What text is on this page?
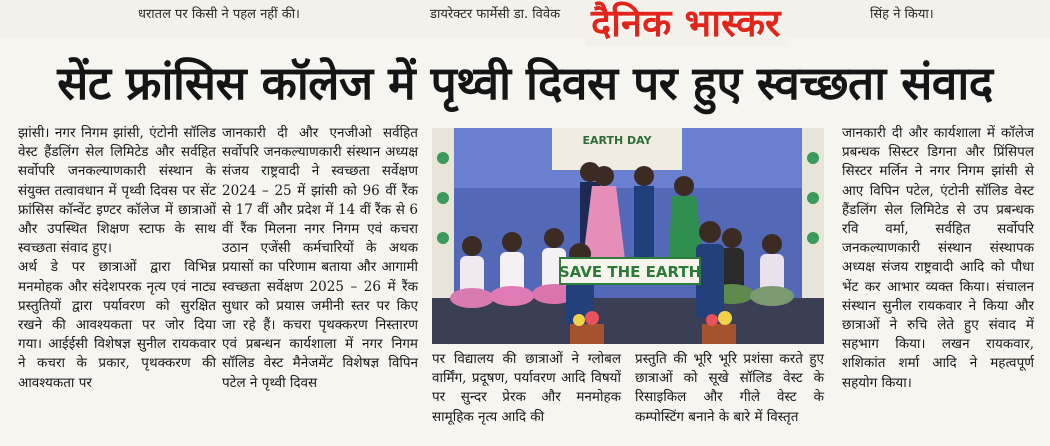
धरातल पर किसी ने पहल नहीं की।	डायरेक्टर फार्मेसी डा. विवेक	सिंह ने किया।
दैनिक भास्कर
सेंट फ्रांसिस कॉलेज में पृथ्वी दिवस पर हुए स्वच्छता संवाद

झांसी। नगर निगम झांसी, एंटोनी सॉलिड वेस्ट हैंडलिंग सेल लिमिटेड और सर्वहित सर्वोपरि जनकल्याणकारी संस्थान के संयुक्त तत्वावधान में पृथ्वी दिवस पर सेंट फ्रांसिस कॉन्वेंट इण्टर कॉलेज में छात्राओं और उपस्थित शिक्षण स्टाफ के साथ स्वच्छता संवाद हुए।

अर्थ डे पर छात्राओं द्वारा विभिन्न मनमोहक और संदेशपरक नृत्य एवं नाट्य प्रस्तुतियों द्वारा पर्यावरण को सुरक्षित रखने की आवश्यकता पर जोर दिया गया। आईईसी विशेषज्ञ सुनील रायकवार ने कचरा के प्रकार, पृथक्करण की आवश्यकता पर

जानकारी दी और एनजीओ सर्वहित सर्वोपरि जनकल्याणकारी संस्थान अध्यक्ष संजय राष्ट्रवादी ने स्वच्छता सर्वेक्षण 2024 – 25 में झांसी को 96 वीं रैंक से 17 वीं और प्रदेश में 14 वीं रैंक से 6 वीं रैंक मिलना नगर निगम एवं कचरा उठान एजेंसी कर्मचारियों के अथक प्रयासों का परिणाम बताया और आगामी स्वच्छता सर्वेक्षण 2025 – 26 में रैंक सुधार को प्रयास जमीनी स्तर पर किए जा रहे हैं। कचरा पृथक्करण निस्तारण एवं प्रबन्धन कार्यशाला में नगर निगम सॉलिड वेस्ट मैनेजमेंट विशेषज्ञ विपिन पटेल ने पृथ्वी दिवस

EARTH DAY
SAVE THE EARTH

पर विद्यालय की छात्राओं ने ग्लोबल वार्मिंग, प्रदूषण, पर्यावरण आदि विषयों पर सुन्दर प्रेरक और मनमोहक सामूहिक नृत्य आदि की

प्रस्तुति की भूरि भूरि प्रशंसा करते हुए छात्राओं को सूखे सॉलिड वेस्ट के रिसाइकिल और गीले वेस्ट के कम्पोस्टिंग बनाने के बारे में विस्तृत

जानकारी दी और कार्यशाला में कॉलेज प्रबन्धक सिस्टर डिगना और प्रिंसिपल सिस्टर मर्लिन ने नगर निगम झांसी से आए विपिन पटेल, एंटोनी सॉलिड वेस्ट हैंडलिंग सेल लिमिटेड से उप प्रबन्धक रवि वर्मा, सर्वहित सर्वोपरि जनकल्याणकारी संस्थान संस्थापक अध्यक्ष संजय राष्ट्रवादी आदि को पौधा भेंट कर आभार व्यक्त किया। संचालन संस्थान सुनील रायकवार ने किया और छात्राओं ने रुचि लेते हुए संवाद में सहभाग किया। लखन रायकवार, शशिकांत शर्मा आदि ने महत्वपूर्ण सहयोग किया।
